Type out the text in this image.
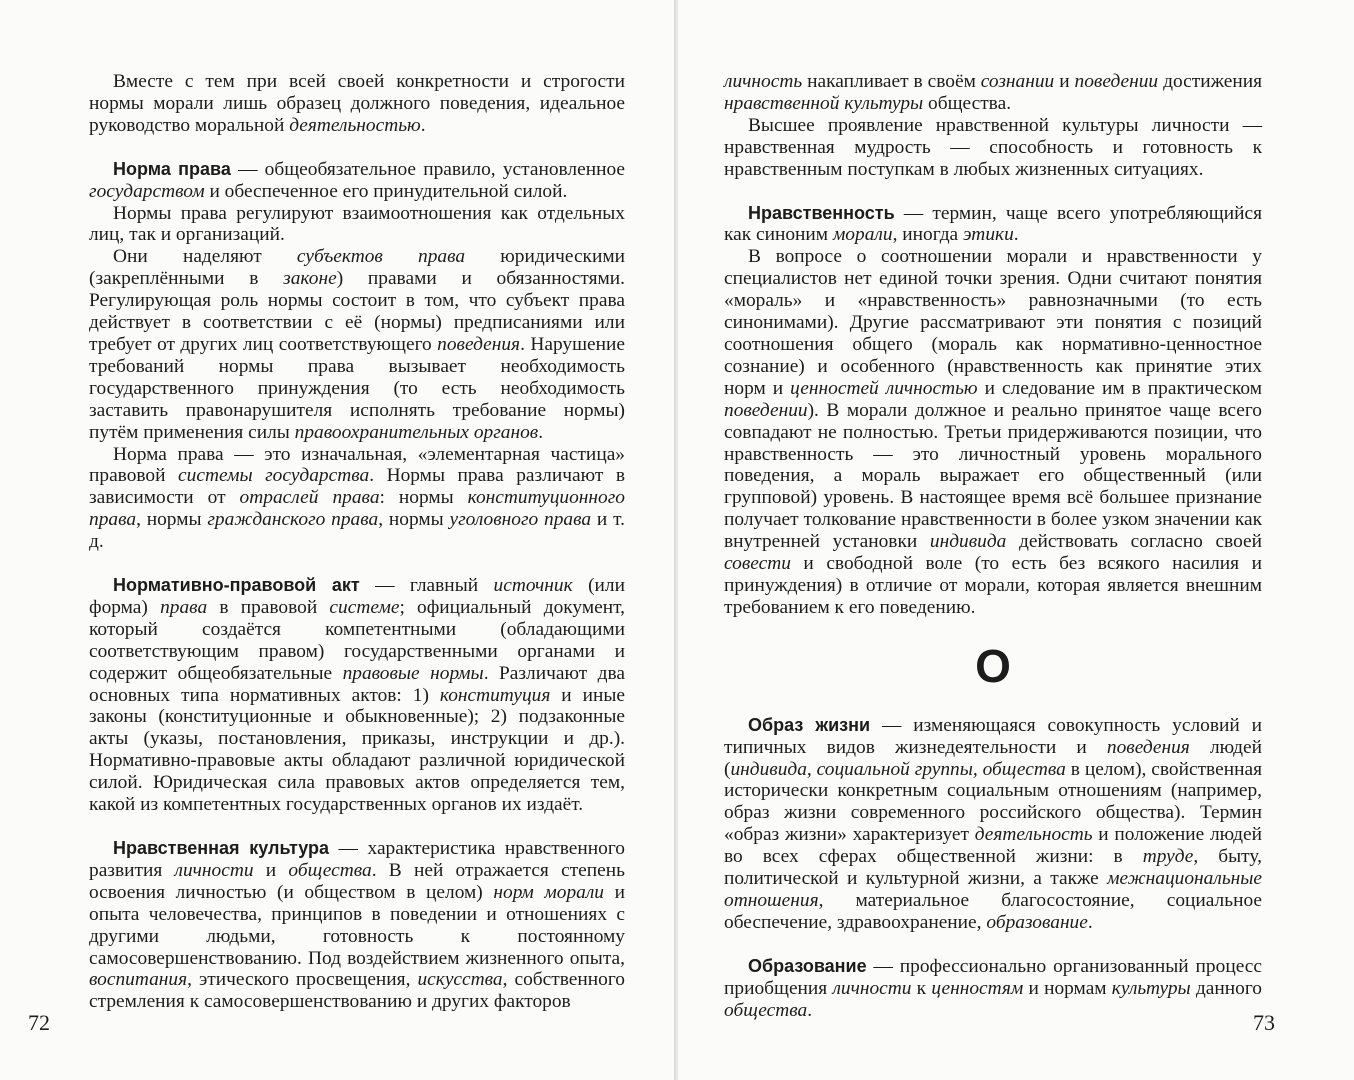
Вместе с тем при всей своей конкретности и строгости нормы морали лишь образец должного поведения, идеальное руководство моральной деятельностью.

Норма права — общеобязательное правило, установленное государством и обеспеченное его принудительной силой.

Нормы права регулируют взаимоотношения как отдельных лиц, так и организаций.

Они наделяют субъектов права юридическими (закреплёнными в законе) правами и обязанностями. Регулирующая роль нормы состоит в том, что субъект права действует в соответствии с её (нормы) предписаниями или требует от других лиц соответствующего поведения. Нарушение требований нормы права вызывает необходимость государственного принуждения (то есть необходимость заставить правонарушителя исполнять требование нормы) путём применения силы правоохранительных органов.

Норма права — это изначальная, «элементарная частица» правовой системы государства. Нормы права различают в зависимости от отраслей права: нормы конституционного права, нормы гражданского права, нормы уголовного права и т. д.

Нормативно-правовой акт — главный источник (или форма) права в правовой системе; официальный документ, который создаётся компетентными (обладающими соответствующим правом) государственными органами и содержит общеобязательные правовые нормы. Различают два основных типа нормативных актов: 1) конституция и иные законы (конституционные и обыкновенные); 2) подзаконные акты (указы, постановления, приказы, инструкции и др.). Нормативно-правовые акты обладают различной юридической силой. Юридическая сила правовых актов определяется тем, какой из компетентных государственных органов их издаёт.

Нравственная культура — характеристика нравственного развития личности и общества. В ней отражается степень освоения личностью (и обществом в целом) норм морали и опыта человечества, принципов в поведении и отношениях с другими людьми, готовность к постоянному самосовершенствованию. Под воздействием жизненного опыта, воспитания, этического просвещения, искусства, собственного стремления к самосовершенствованию и других факторов

72

личность накапливает в своём сознании и поведении достижения нравственной культуры общества.

Высшее проявление нравственной культуры личности — нравственная мудрость — способность и готовность к нравственным поступкам в любых жизненных ситуациях.

Нравственность — термин, чаще всего употребляющийся как синоним морали, иногда этики.

В вопросе о соотношении морали и нравственности у специалистов нет единой точки зрения. Одни считают понятия «мораль» и «нравственность» равнозначными (то есть синонимами). Другие рассматривают эти понятия с позиций соотношения общего (мораль как нормативно-ценностное сознание) и особенного (нравственность как принятие этих норм и ценностей личностью и следование им в практическом поведении). В морали должное и реально принятое чаще всего совпадают не полностью. Третьи придерживаются позиции, что нравственность — это личностный уровень морального поведения, а мораль выражает его общественный (или групповой) уровень. В настоящее время всё большее признание получает толкование нравственности в более узком значении как внутренней установки индивида действовать согласно своей совести и свободной воле (то есть без всякого насилия и принуждения) в отличие от морали, которая является внешним требованием к его поведению.

О

Образ жизни — изменяющаяся совокупность условий и типичных видов жизнедеятельности и поведения людей (индивида, социальной группы, общества в целом), свойственная исторически конкретным социальным отношениям (например, образ жизни современного российского общества). Термин «образ жизни» характеризует деятельность и положение людей во всех сферах общественной жизни: в труде, быту, политической и культурной жизни, а также межнациональные отношения, материальное благосостояние, социальное обеспечение, здравоохранение, образование.

Образование — профессионально организованный процесс приобщения личности к ценностям и нормам культуры данного общества.	73
